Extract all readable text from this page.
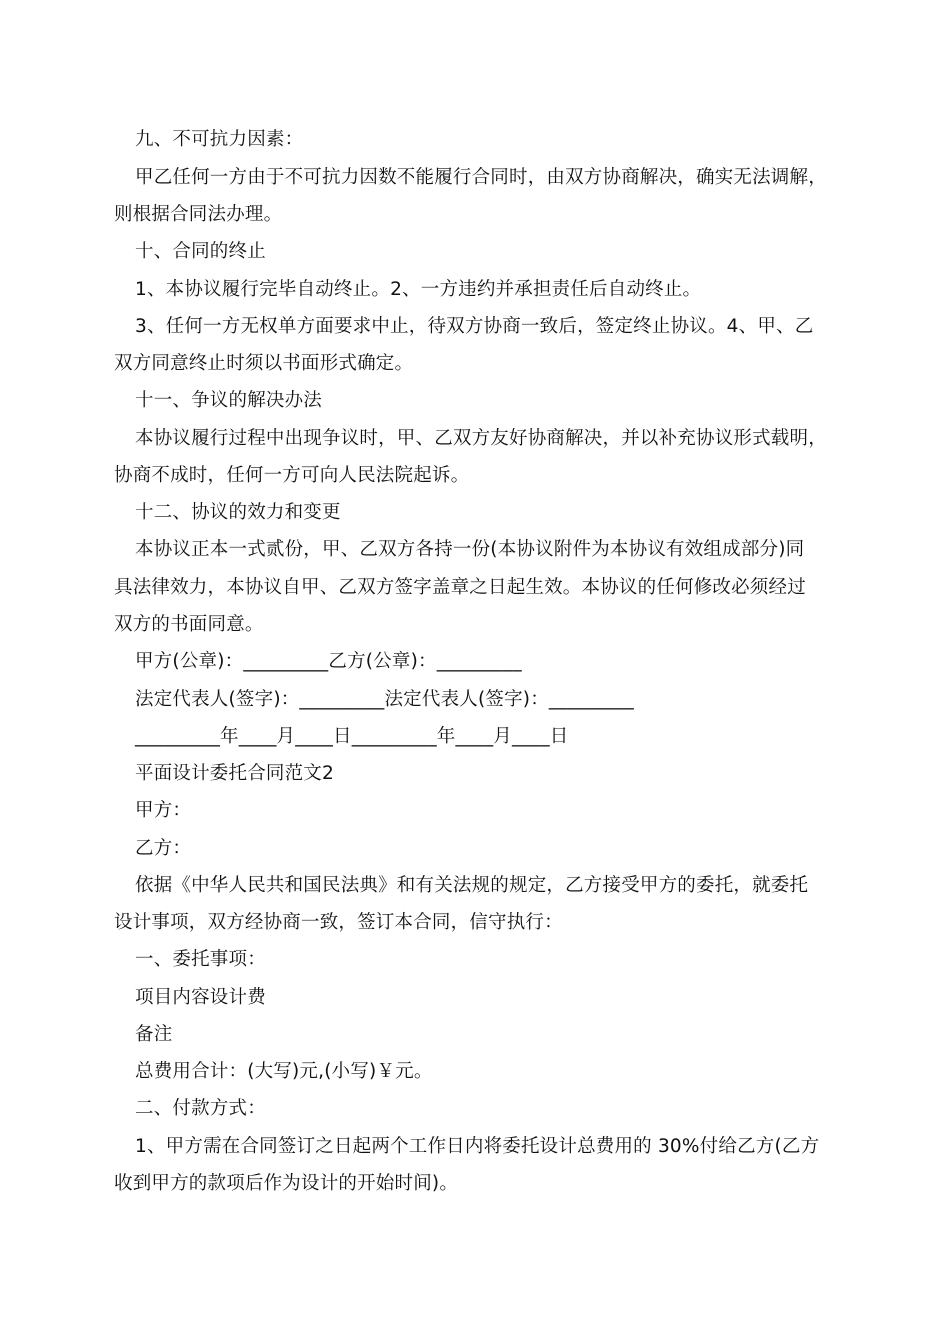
九、不可抗力因素：
甲乙任何一方由于不可抗力因数不能履行合同时，由双方协商解决，确实无法调解，
则根据合同法办理。
十、合同的终止
1、本协议履行完毕自动终止。2、一方违约并承担责任后自动终止。
3、任何一方无权单方面要求中止，待双方协商一致后，签定终止协议。4、甲、乙
双方同意终止时须以书面形式确定。
十一、争议的解决办法
本协议履行过程中出现争议时，甲、乙双方友好协商解决，并以补充协议形式载明，
协商不成时，任何一方可向人民法院起诉。
十二、协议的效力和变更
本协议正本一式贰份，甲、乙双方各持一份(本协议附件为本协议有效组成部分)同
具法律效力，本协议自甲、乙双方签字盖章之日起生效。本协议的任何修改必须经过
双方的书面同意。
甲方(公章)：_________乙方(公章)：_________
法定代表人(签字)：_________法定代表人(签字)：_________
_________年____月____日_________年____月____日
平面设计委托合同范文2
甲方：
乙方：
依据《中华人民共和国民法典》和有关法规的规定，乙方接受甲方的委托，就委托
设计事项，双方经协商一致，签订本合同，信守执行：
一、委托事项：
项目内容设计费
备注
总费用合计：(大写)元,(小写)￥元。
二、付款方式：
1、甲方需在合同签订之日起两个工作日内将委托设计总费用的 30%付给乙方(乙方
收到甲方的款项后作为设计的开始时间)。
